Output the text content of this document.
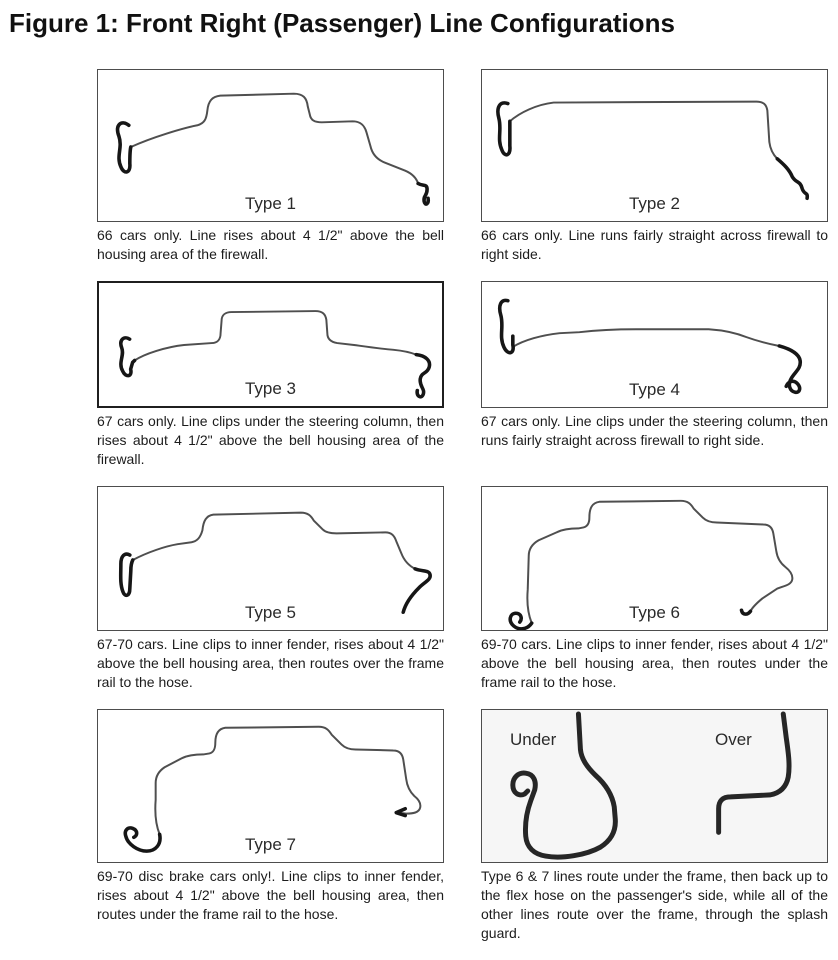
Figure 1: Front Right (Passenger) Line Configurations
Type 1
66 cars only. Line rises about 4 1/2" above the bell housing area of the firewall.
Type 2
66 cars only. Line runs fairly straight across firewall to right side.
Type 3
67 cars only. Line clips under the steering column, then rises about 4 1/2" above the bell housing area of the firewall.
Type 4
67 cars only. Line clips under the steering column, then runs fairly straight across firewall to right side.
Type 5
67-70 cars. Line clips to inner fender, rises about 4 1/2" above the bell housing area, then routes over the frame rail to the hose.
Type 6
69-70 cars. Line clips to inner fender, rises about 4 1/2" above the bell housing area, then routes under the frame rail to the hose.
Type 7
69-70 disc brake cars only!. Line clips to inner fender, rises about 4 1/2" above the bell housing area, then routes under the frame rail to the hose.
Under	Over
Type 6 & 7 lines route under the frame, then back up to the flex hose on the passenger's side, while all of the other lines route over the frame, through the splash guard.
